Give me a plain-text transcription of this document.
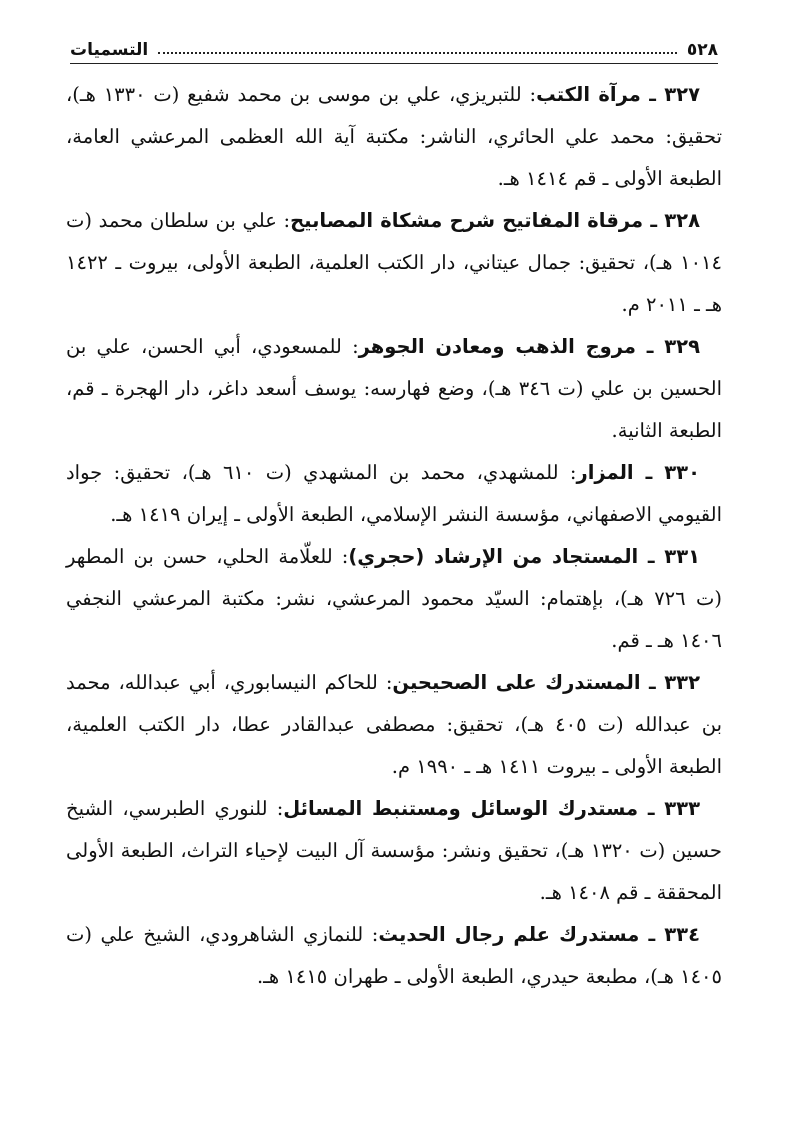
٥٢٨
التسميات

٣٢٧ ـ مرآة الكتب: للتبريزي، علي بن موسى بن محمد شفيع (ت ١٣٣٠ هـ)، تحقيق: محمد علي الحائري، الناشر: مكتبة آية الله العظمى المرعشي العامة، الطبعة الأولى ـ قم ١٤١٤ هـ.

٣٢٨ ـ مرقاة المفاتيح شرح مشكاة المصابيح: علي بن سلطان محمد (ت ١٠١٤ هـ)، تحقيق: جمال عيتاني، دار الكتب العلمية، الطبعة الأولى، بيروت ـ ١٤٢٢ هـ ـ ٢٠١١ م.

٣٢٩ ـ مروج الذهب ومعادن الجوهر: للمسعودي، أبي الحسن، علي بن الحسين بن علي (ت ٣٤٦ هـ)، وضع فهارسه: يوسف أسعد داغر، دار الهجرة ـ قم، الطبعة الثانية.

٣٣٠ ـ المزار: للمشهدي، محمد بن المشهدي (ت ٦١٠ هـ)، تحقيق: جواد القيومي الاصفهاني، مؤسسة النشر الإسلامي، الطبعة الأولى ـ إيران ١٤١٩ هـ.

٣٣١ ـ المستجاد من الإرشاد (حجري): للعلّامة الحلي، حسن بن المطهر (ت ٧٢٦ هـ)، بإهتمام: السيّد محمود المرعشي، نشر: مكتبة المرعشي النجفي ١٤٠٦ هـ ـ قم.

٣٣٢ ـ المستدرك على الصحيحين: للحاكم النيسابوري، أبي عبدالله، محمد بن عبدالله (ت ٤٠٥ هـ)، تحقيق: مصطفى عبدالقادر عطا، دار الكتب العلمية، الطبعة الأولى ـ بيروت ١٤١١ هـ ـ ١٩٩٠ م.

٣٣٣ ـ مستدرك الوسائل ومستنبط المسائل: للنوري الطبرسي، الشيخ حسين (ت ١٣٢٠ هـ)، تحقيق ونشر: مؤسسة آل البيت لإحياء التراث، الطبعة الأولى المحققة ـ قم ١٤٠٨ هـ.

٣٣٤ ـ مستدرك علم رجال الحديث: للنمازي الشاهرودي، الشيخ علي (ت ١٤٠٥ هـ)، مطبعة حيدري، الطبعة الأولى ـ طهران ١٤١٥ هـ.
